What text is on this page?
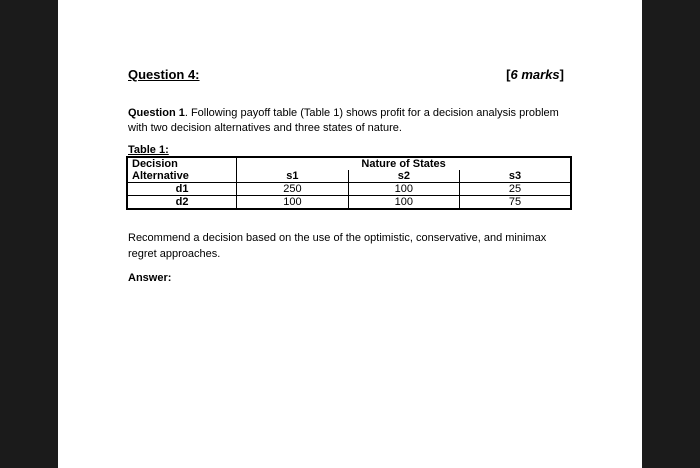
Question 4:	[6 marks]
Question 1. Following payoff table (Table 1) shows profit for a decision analysis problem with two decision alternatives and three states of nature.
Table 1:
Decision	Nature of States		
Alternative	s1	s2	s3
d1	250	100	25
d2	100	100	75
Recommend a decision based on the use of the optimistic, conservative, and minimax regret approaches.
Answer:
